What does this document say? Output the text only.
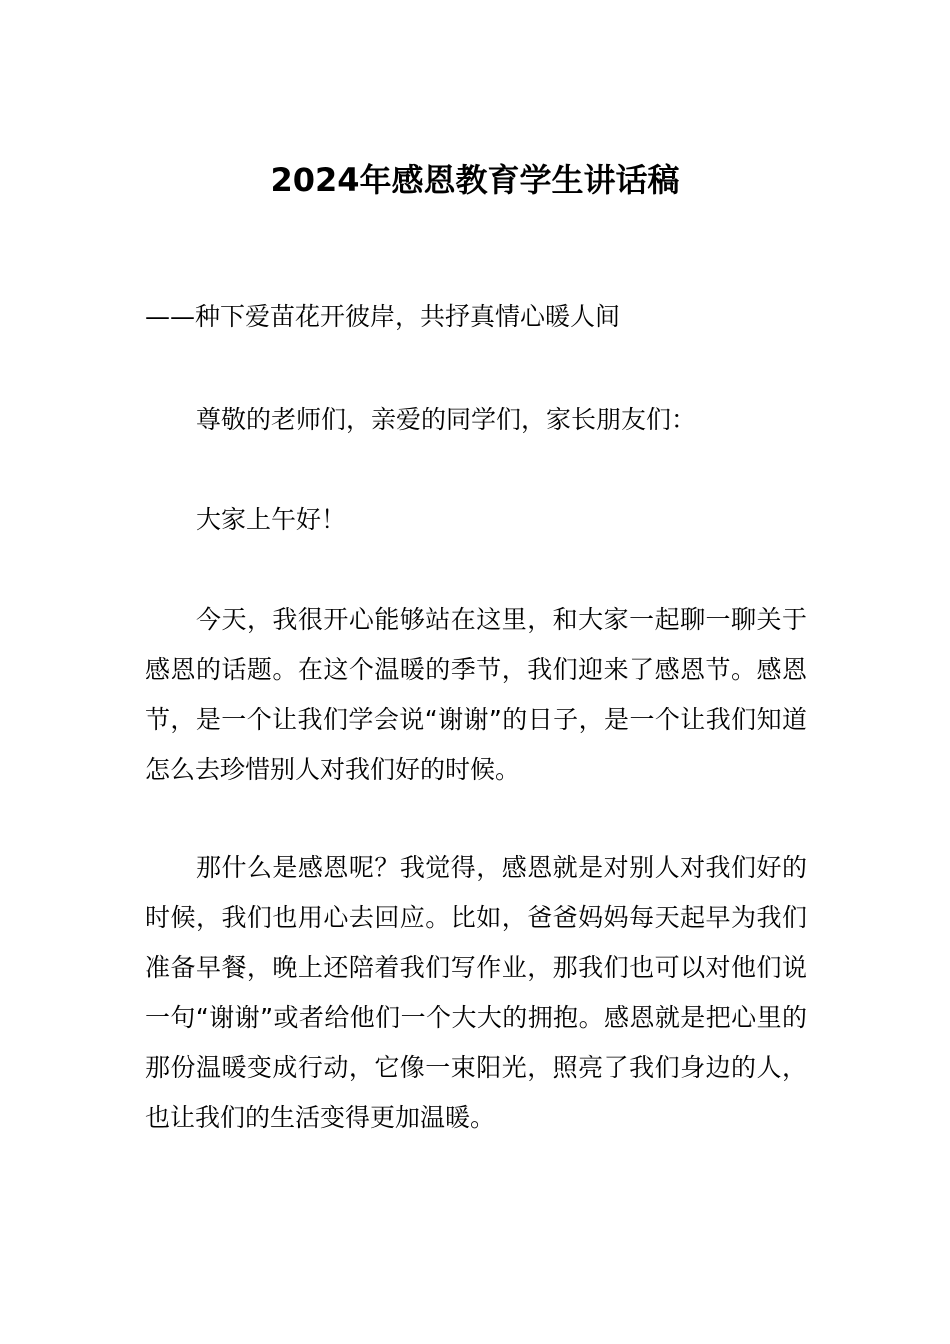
2024年感恩教育学生讲话稿
——种下爱苗花开彼岸，共抒真情心暖人间

尊敬的老师们，亲爱的同学们，家长朋友们：

大家上午好！

今天，我很开心能够站在这里，和大家一起聊一聊关于感恩的话题。在这个温暖的季节，我们迎来了感恩节。感恩节，是一个让我们学会说“谢谢”的日子，是一个让我们知道怎么去珍惜别人对我们好的时候。

那什么是感恩呢？我觉得，感恩就是对别人对我们好的时候，我们也用心去回应。比如，爸爸妈妈每天起早为我们准备早餐，晚上还陪着我们写作业，那我们也可以对他们说一句“谢谢”或者给他们一个大大的拥抱。感恩就是把心里的那份温暖变成行动，它像一束阳光，照亮了我们身边的人，也让我们的生活变得更加温暖。
